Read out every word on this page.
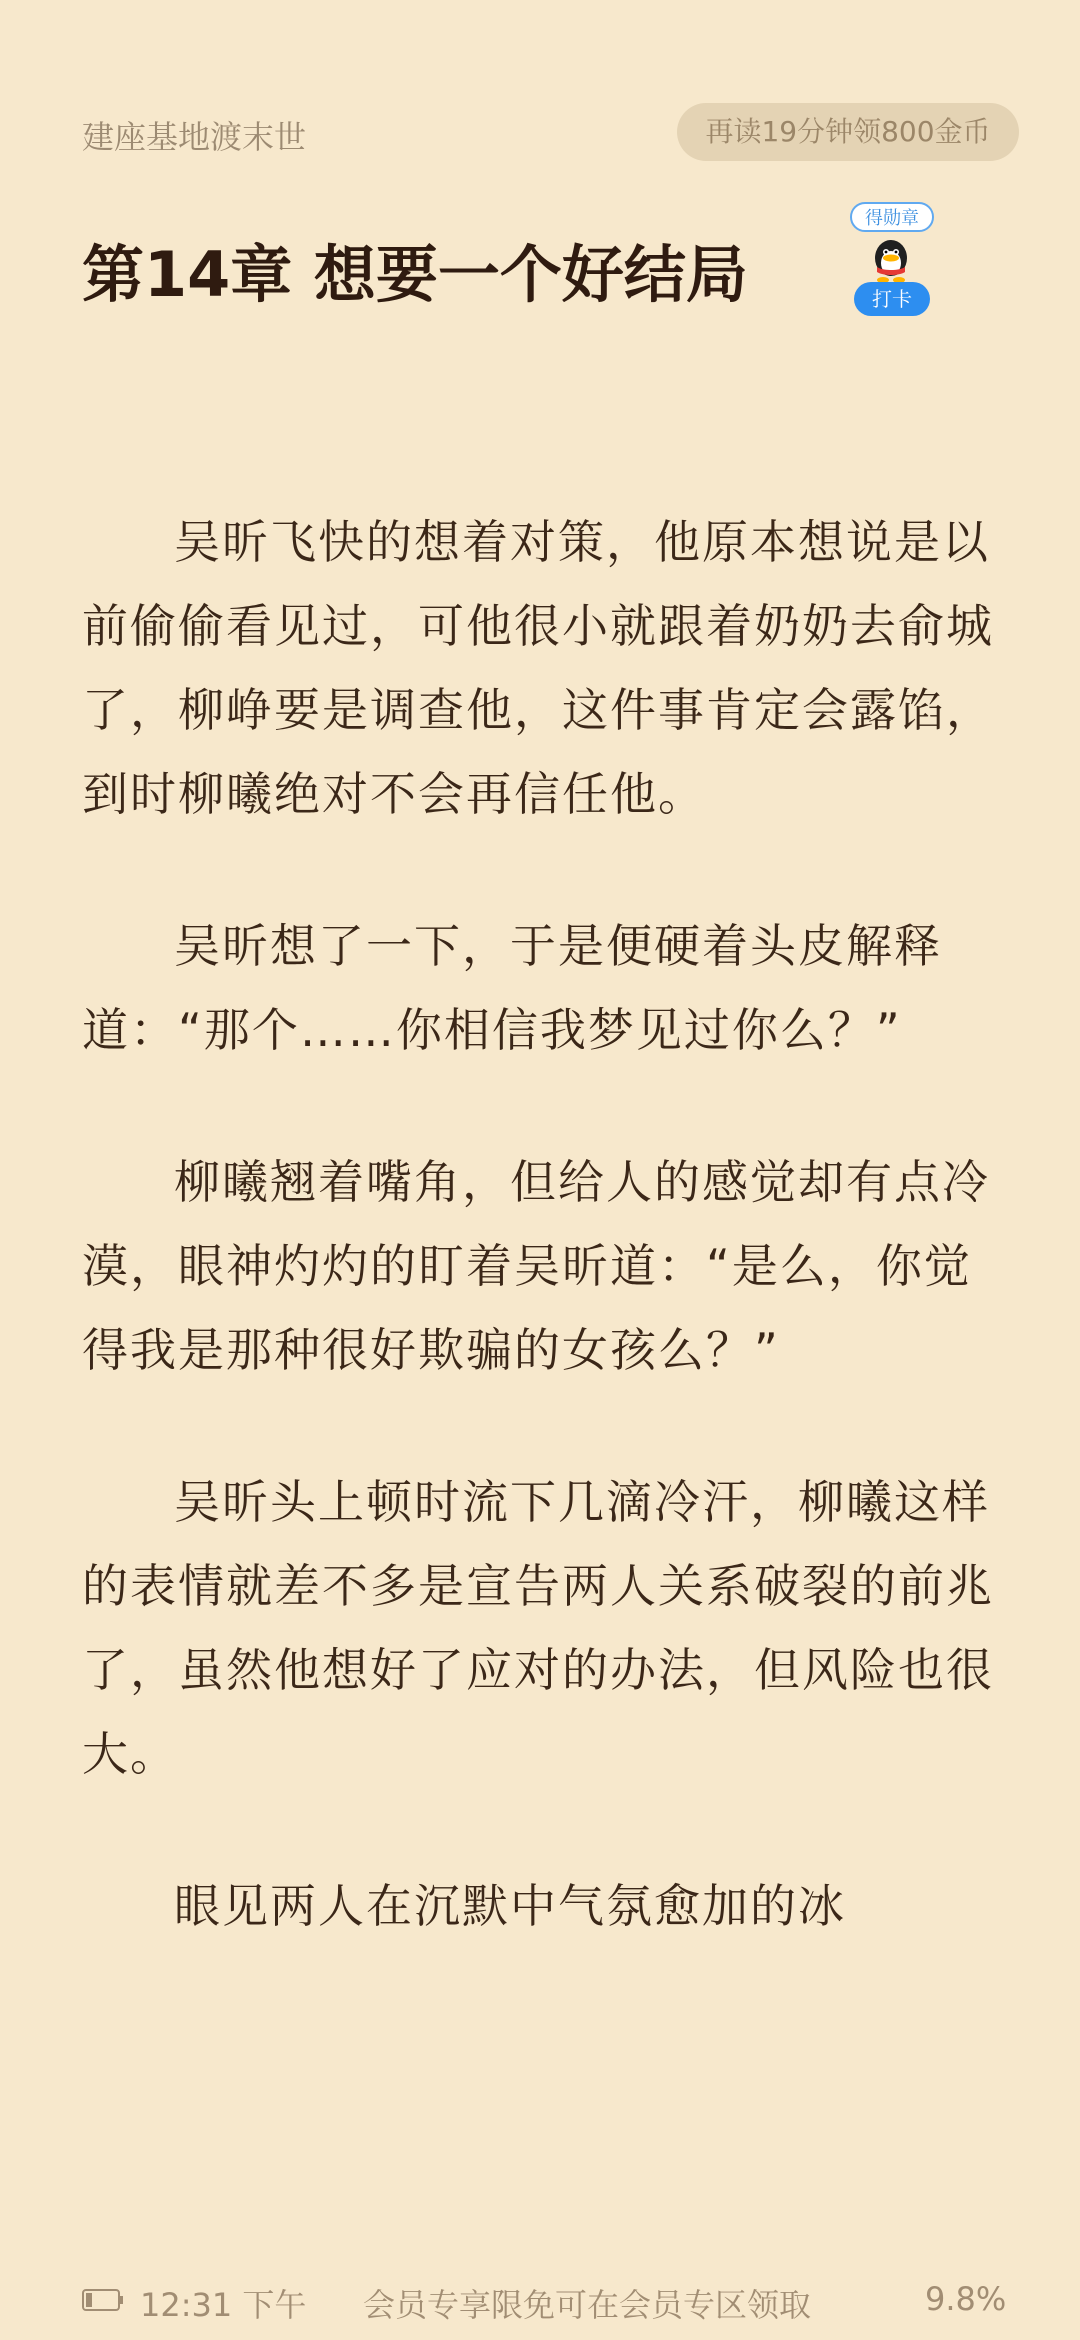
建座基地渡末世	再读19分钟领800金币
第14章 想要一个好结局
得勋章
打卡

吴昕飞快的想着对策，他原本想说是以前偷偷看见过，可他很小就跟着奶奶去俞城了，柳峥要是调查他，这件事肯定会露馅，到时柳曦绝对不会再信任他。

吴昕想了一下，于是便硬着头皮解释道：“那个……你相信我梦见过你么？”

柳曦翘着嘴角，但给人的感觉却有点冷漠，眼神灼灼的盯着吴昕道：“是么，你觉得我是那种很好欺骗的女孩么？”

吴昕头上顿时流下几滴冷汗，柳曦这样的表情就差不多是宣告两人关系破裂的前兆了，虽然他想好了应对的办法，但风险也很大。

眼见两人在沉默中气氛愈加的冰

12:31 下午 会员专享限免可在会员专区领取	9.8%
